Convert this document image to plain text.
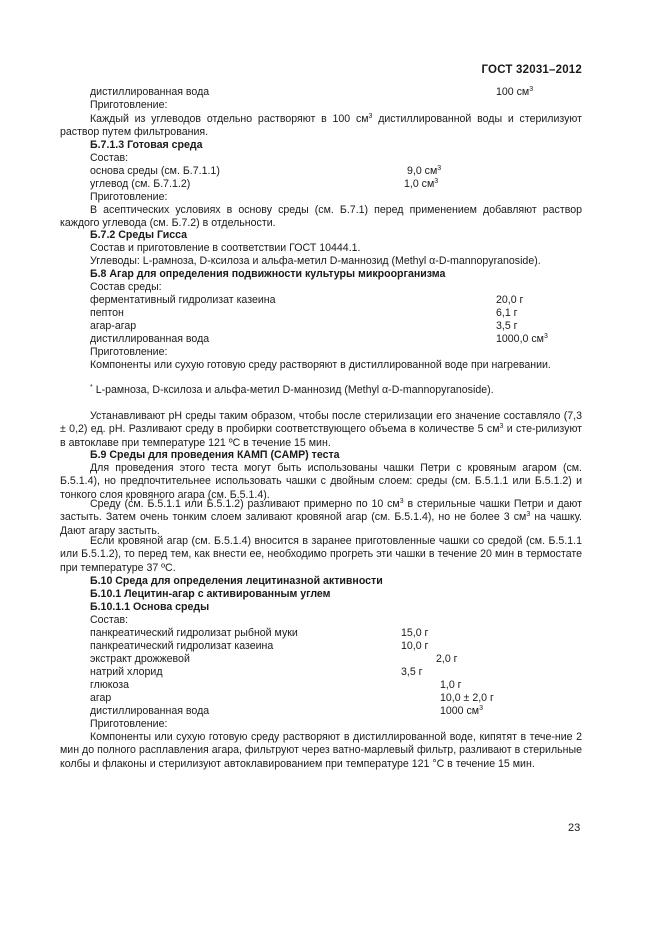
ГОСТ 32031–2012
дистиллированная вода	100 $см^3$
Приготовление:
Каждый из углеводов отдельно растворяют в 100 $см^3$ дистиллированной воды и стерилизуют раствор путем фильтрования.
Б.7.1.3 Готовая среда
Состав:
основа среды (см. Б.7.1.1)	9,0 $см^3$
углевод (см. Б.7.1.2)	1,0 $см^3$
Приготовление:
В асептических условиях в основу среды (см. Б.7.1) перед применением добавляют раствор каждого углевода (см. Б.7.2) в отдельности.
Б.7.2 Среды Гисса
Состав и приготовление в соответствии ГОСТ 10444.1.
Углеводы: L-рамноза, D-ксилоза и альфа-метил D-маннозид (Methyl α-D-mannopyranoside).
Б.8 Агар для определения подвижности культуры микроорганизма
Состав среды:
ферментативный гидролизат казеина	20,0 г
пептон	6,1 г
агар-агар	3,5 г
дистиллированная вода	1000,0 $см^3$
Приготовление:
Компоненты или сухую готовую среду растворяют в дистиллированной воде при нагревании.
* L-рамноза, D-ксилоза и альфа-метил D-маннозид (Methyl α-D-mannopyranoside).
Устанавливают рН среды таким образом, чтобы после стерилизации его значение составляло (7,3 ± 0,2) ед. рН. Разливают среду в пробирки соответствующего объема в количестве 5 $см^3$ и сте-рилизуют в автоклаве при температуре 121 ºС в течение 15 мин.
Б.9 Среды для проведения КАМП (CAMP) теста
Для проведения этого теста могут быть использованы чашки Петри с кровяным агаром (см. Б.5.1.4), но предпочтительнее использовать чашки с двойным слоем: среды (см. Б.5.1.1 или Б.5.1.2) и тонкого слоя кровяного агара (см. Б.5.1.4).
Среду (см. Б.5.1.1 или Б.5.1.2) разливают примерно по 10 $см^3$ в стерильные чашки Петри и дают застыть. Затем очень тонким слоем заливают кровяной агар (см. Б.5.1.4), но не более 3 $см^3$ на чашку. Дают агару застыть.
Если кровяной агар (см. Б.5.1.4) вносится в заранее приготовленные чашки со средой (см. Б.5.1.1 или Б.5.1.2), то перед тем, как внести ее, необходимо прогреть эти чашки в течение 20 мин в термостате при температуре 37 ºС.
Б.10 Среда для определения лецитиназной активности
Б.10.1 Лецитин-агар с активированным углем
Б.10.1.1 Основа среды
Состав:
панкреатический гидролизат рыбной муки	15,0 г
панкреатический гидролизат казеина	10,0 г
экстракт дрожжевой	2,0 г
натрий хлорид	3,5 г
глюкоза	1,0 г
агар	10,0 ± 2,0 г
дистиллированная вода	1000 $см^3$
Приготовление:
Компоненты или сухую готовую среду растворяют в дистиллированной воде, кипятят в тече-ние 2 мин до полного расплавления агара, фильтруют через ватно-марлевый фильтр, разливают в стерильные колбы и флаконы и стерилизуют автоклавированием при температуре 121 °С в течение 15 мин.
23
